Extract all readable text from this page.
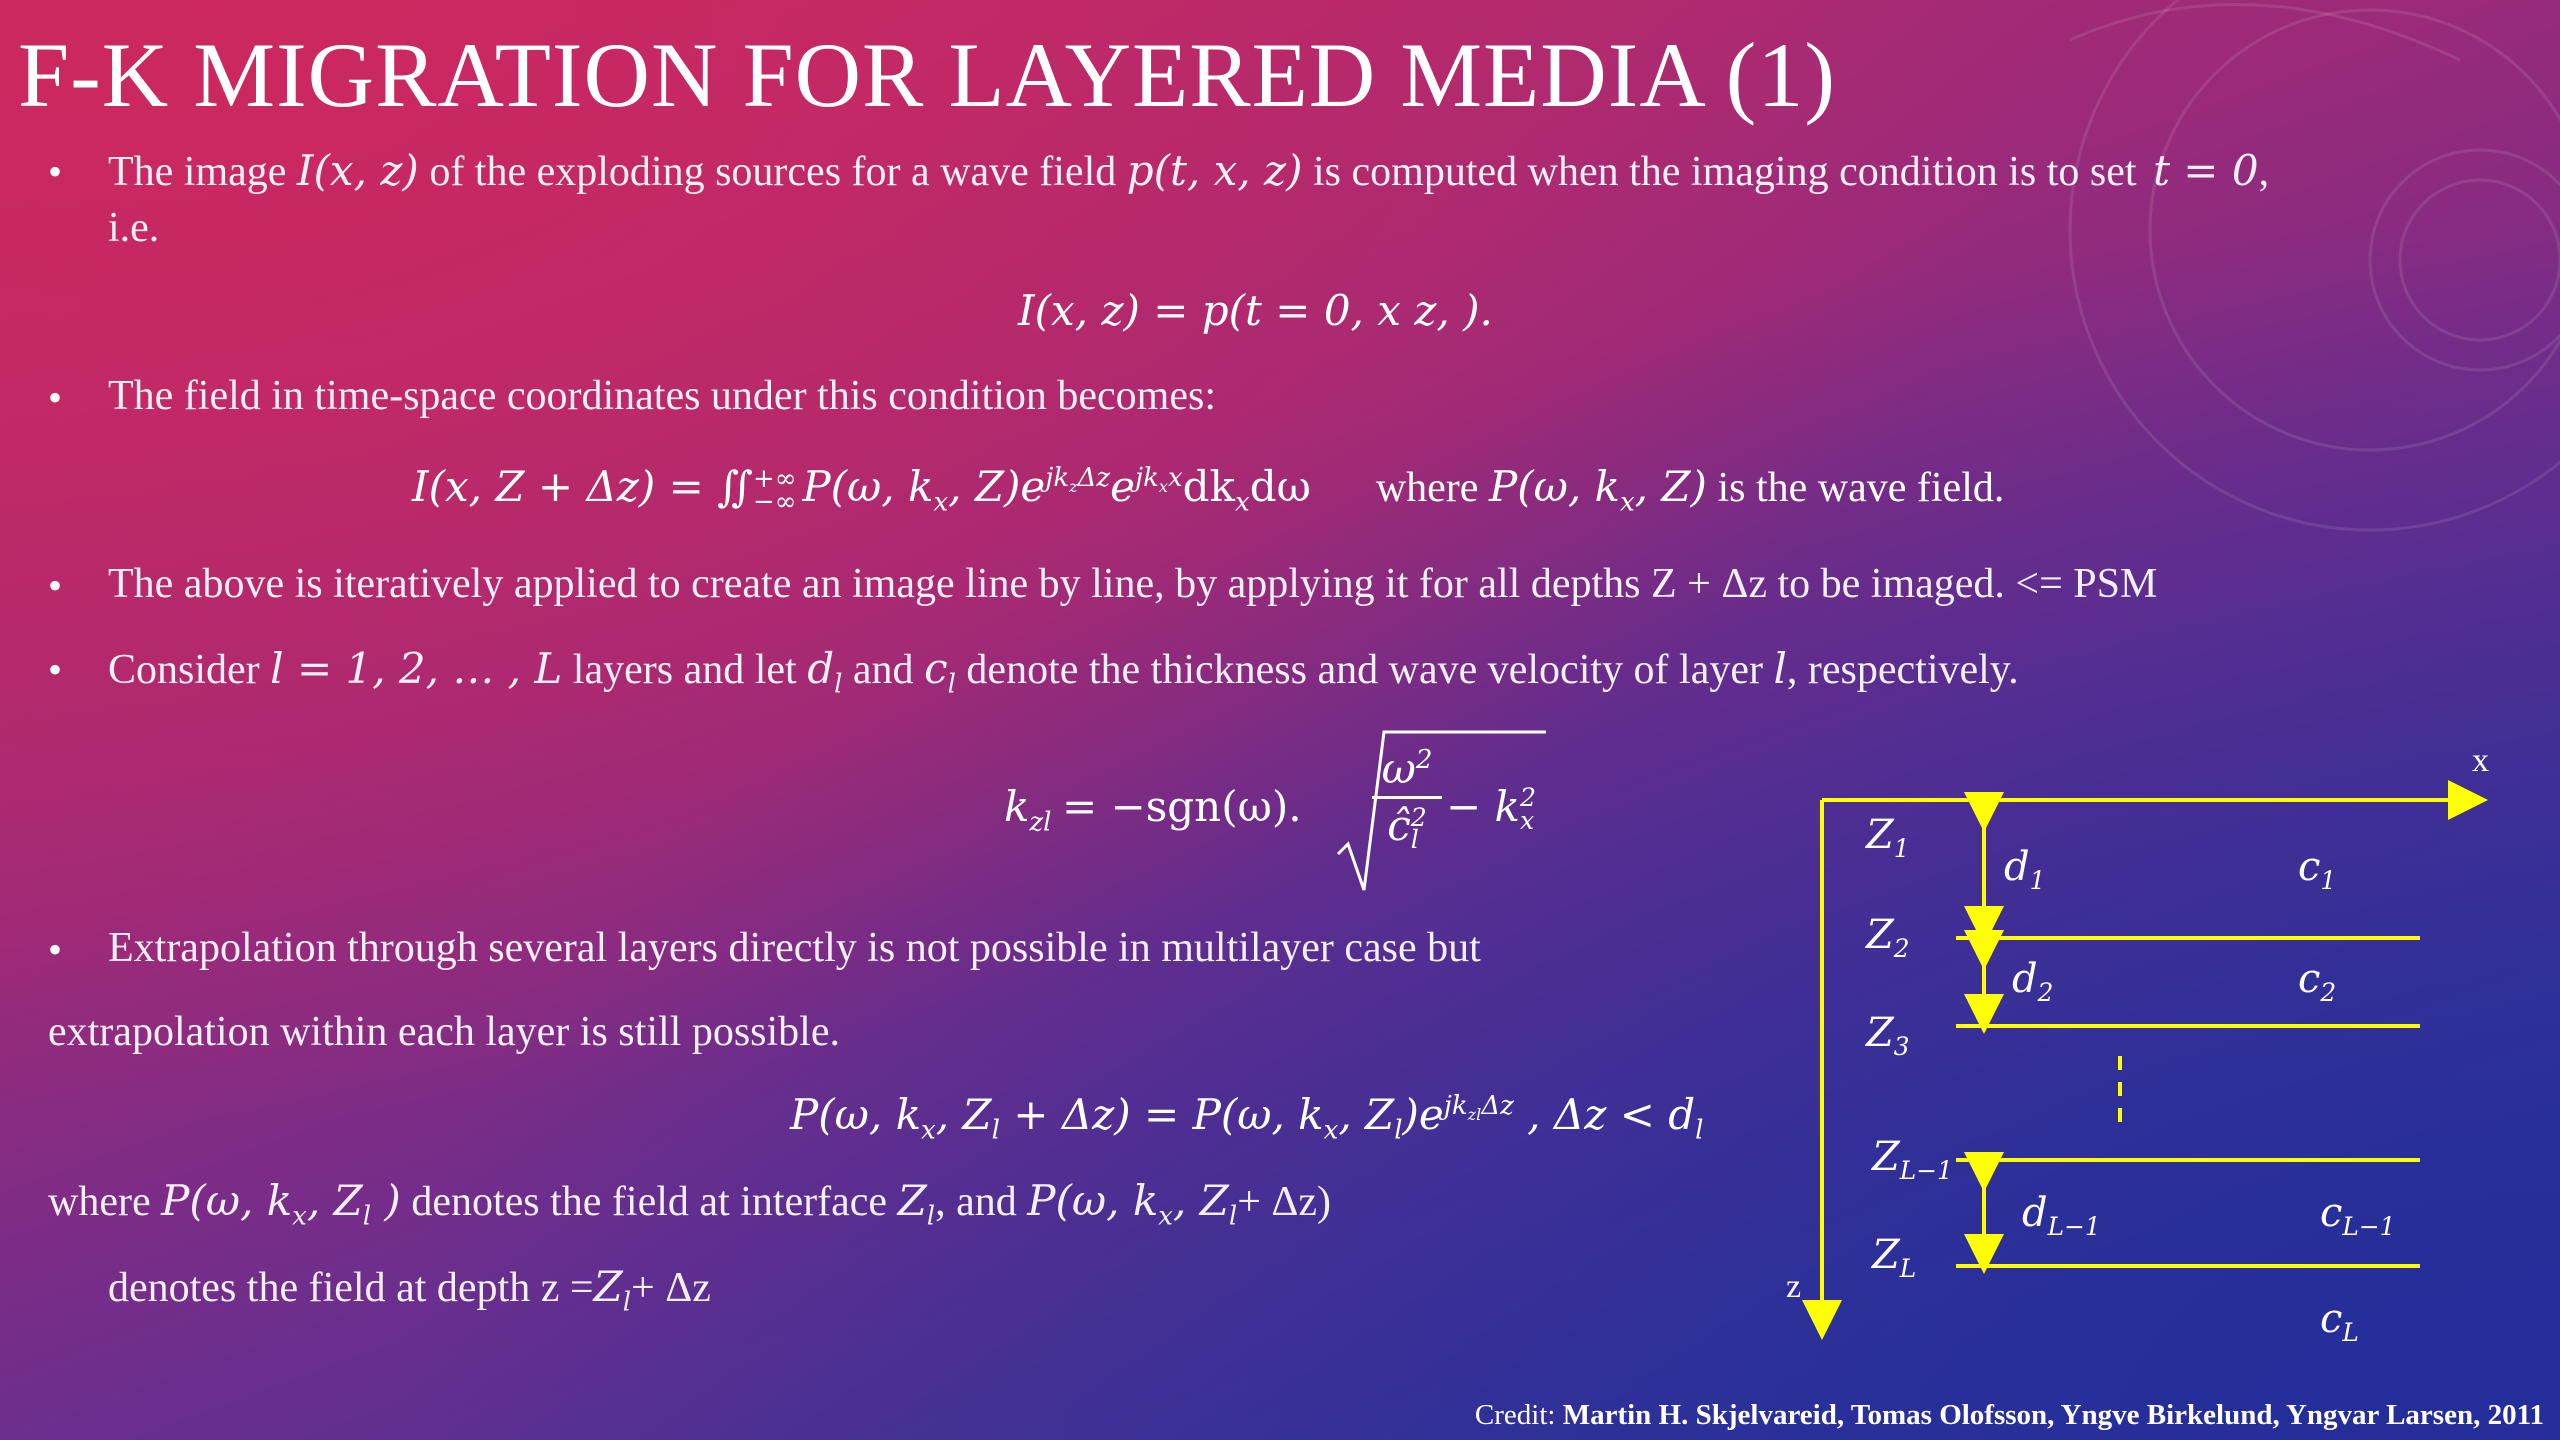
F-K MIGRATION FOR LAYERED MEDIA (1)
• The image I(x, z) of the exploding sources for a wave field p(t, x, z) is computed when the imaging condition is to set t = 0,
i.e.
I(x, z) = p(t = 0, x z, ).
• The field in time-space coordinates under this condition becomes:
I(x, Z + Δz) = ∬ +∞
−∞ P(ω, $k_x$, $Z)e^{jk_z\Delta z}e^{jk_xx}dk_xd\omega$ where P(ω, $k_x$, Z) is the wave field.
• The above is iteratively applied to create an image line by line, by applying it for all depths Z + Δz to be imaged. <= PSM
• Consider l = 1, 2, … , L layers and let $d_l$ and $c_l$ denote the thickness and wave velocity of layer l, respectively.
$k_{zl} = -sgn(\omega)$.
$\omega^2$
ĉ 2
l
− k 2
x
• Extrapolation through several layers directly is not possible in multilayer case but
extrapolation within each layer is still possible.
P(ω, $k_x$, $Z_l + \Delta z) = P(\omega$, $k_x$, $Z_l)e^{jk_{zl}\Delta z}$ , $\Delta z < d_l$
where P(ω, $k_x$, $Z_l$ ) denotes the field at interface $Z_l$, and P(ω, $k_x$, $Z_l+ \Delta z$)
denotes the field at depth $z =Z_l+ \Delta z$
x
z
$Z_1$
$Z_2$
$Z_3$
$Z_{L-1}$
$Z_L$
$d_1$
$d_2$
$d_{L-1}$
$c_1$
$c_2$
$c_{L-1}$
$c_L$
Credit: Martin H. Skjelvareid, Tomas Olofsson, Yngve Birkelund, Yngvar Larsen, 2011
